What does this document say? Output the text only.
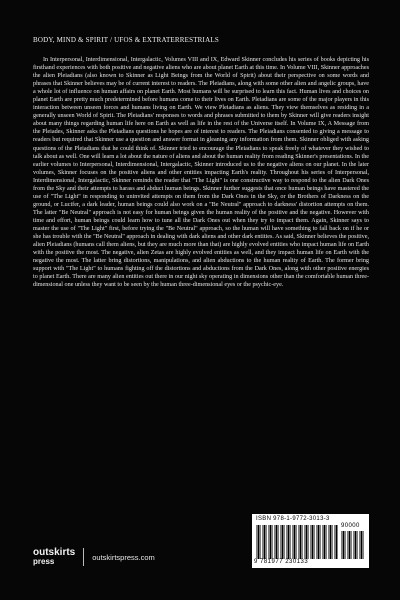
BODY, MIND & SPIRIT / UFOS & EXTRATERRESTRIALS

In Interpersonal, Interdimensional, Intergalactic, Volumes VIII and IX, Edward Skinner concludes his series of books depicting his firsthand experiences with both positive and negative aliens who are about planet Earth at this time. In Volume VIII, Skinner approaches the alien Pleiadians (also known to Skinner as Light Beings from the World of Spirit) about their perspective on some words and phrases that Skinner believes may be of current interest to readers. The Pleiadians, along with some other alien and angelic groups, have a whole lot of influence on human affairs on planet Earth. Most humans will be surprised to learn this fact. Human lives and choices on planet Earth are pretty much predetermined before humans come to their lives on Earth. Pleiadians are some of the major players in this interaction between unseen forces and humans living on Earth. We view Pleiadians as aliens. They view themselves as residing in a generally unseen World of Spirit. The Pleiadians' responses to words and phrases submitted to them by Skinner will give readers insight about many things regarding human life here on Earth as well as life in the rest of the Universe itself. In Volume IX, A Message from the Pleiades, Skinner asks the Pleiadians questions he hopes are of interest to readers. The Pleiadians consented to giving a message to readers but required that Skinner use a question and answer format in gleaning any information from them. Skinner obliged with asking questions of the Pleiadians that he could think of. Skinner tried to encourage the Pleiadians to speak freely of whatever they wished to talk about as well. One will learn a lot about the nature of aliens and about the human reality from reading Skinner's presentations. In the earlier volumes to Interpersonal, Interdimensional, Intergalactic, Skinner introduced us to the negative aliens on our planet. In the later volumes, Skinner focuses on the positive aliens and other entities impacting Earth's reality. Throughout his series of Interpersonal, Interdimensional, Intergalactic, Skinner reminds the reader that "The Light" is one constructive way to respond to the alien Dark Ones from the Sky and their attempts to harass and abduct human beings. Skinner further suggests that once human beings have mastered the use of "The Light" in responding to uninvited attempts on them from the Dark Ones in the Sky, or the Brothers of Darkness on the ground, or Lucifer, a dark leader, human beings could also work on a "Be Neutral" approach to darkness' distortion attempts on them. The latter "Be Neutral" approach is not easy for human beings given the human reality of the positive and the negative. However with time and effort, human beings could learn how to tune all the Dark Ones out when they try to impact them. Again, Skinner says to master the use of "The Light" first, before trying the "Be Neutral" approach, so the human will have something to fall back on if he or she has trouble with the "Be Neutral" approach in dealing with dark aliens and other dark entities. As said, Skinner believes the positive, alien Pleiadians (humans call them aliens, but they are much more than that) are highly evolved entities who impact human life on Earth with the positive the most. The negative, alien Zetas are highly evolved entities as well, and they impact human life on Earth with the negative the most. The latter bring distortions, manipulations, and alien abductions to the human reality of Earth. The former bring support with "The Light" to humans fighting off the distortions and abductions from the Dark Ones, along with other positive energies to planet Earth. There are many alien entities out there in our night sky operating in dimensions other than the comfortable human three-dimensional one unless they want to be seen by the human three-dimensional eyes or the psychic-eye.

ISBN 978-1-9772-3013-3
90000
9 781977 230133
outskirts
press	outskirtspress.com
